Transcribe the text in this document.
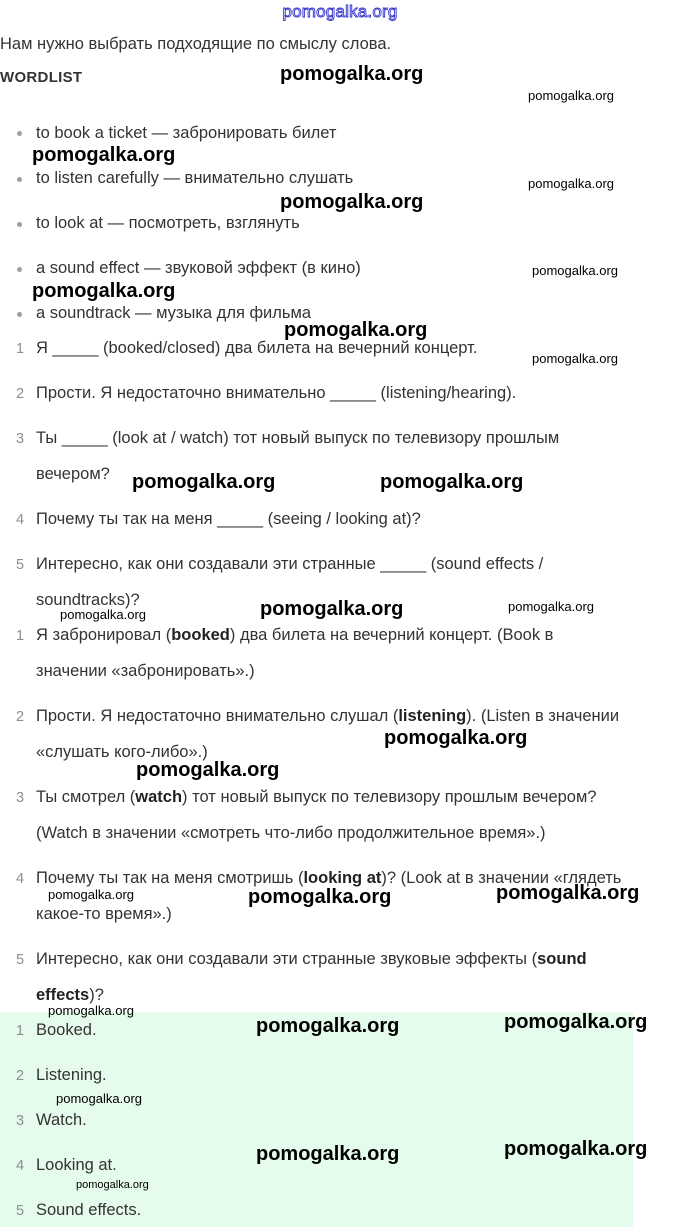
pomogalka.org
Нам нужно выбрать подходящие по смыслу слова.
WORDLIST
to book a ticket — забронировать билет
to listen carefully — внимательно слушать
to look at — посмотреть, взглянуть
a sound effect — звуковой эффект (в кино)
a soundtrack — музыка для фильма
1 Я _____ (booked/closed) два билета на вечерний концерт.
2 Прости. Я недостаточно внимательно _____ (listening/hearing).
3 Ты _____ (look at / watch) тот новый выпуск по телевизору прошлым
вечером?
4 Почему ты так на меня _____ (seeing / looking at)?
5 Интересно, как они создавали эти странные _____ (sound effects /
soundtracks)?
1 Я забронировал (booked) два билета на вечерний концерт. (Book в
значении «забронировать».)
2 Прости. Я недостаточно внимательно слушал (listening). (Listen в значении
«слушать кого-либо».)
3 Ты смотрел (watch) тот новый выпуск по телевизору прошлым вечером?
(Watch в значении «смотреть что-либо продолжительное время».)
4 Почему ты так на меня смотришь (looking at)? (Look at в значении «глядеть
какое-то время».)
5 Интересно, как они создавали эти странные звуковые эффекты (sound
effects)?
1 Booked.
2 Listening.
3 Watch.
4 Looking at.
5 Sound effects.
pomogalka.org
pomogalka.org
pomogalka.org
pomogalka.org
pomogalka.org
pomogalka.org
pomogalka.org
pomogalka.org
pomogalka.org
pomogalka.org	pomogalka.org
pomogalka.org	pomogalka.org
pomogalka.org
pomogalka.org
pomogalka.org
pomogalka.org
pomogalka.org	pomogalka.org
pomogalka.org
pomogalka.org
pomogalka.org
pomogalka.org
pomogalka.org
pomogalka.org
pomogalka.org
